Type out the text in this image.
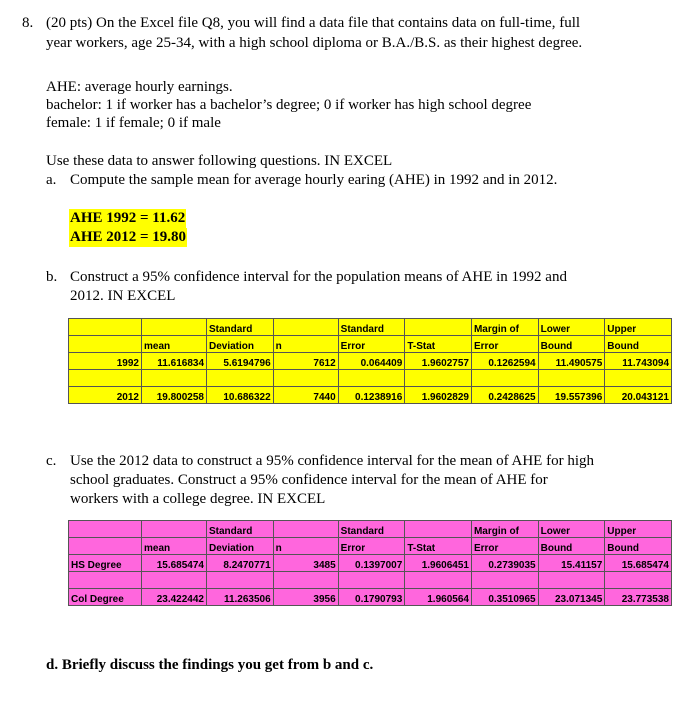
8. (20 pts) On the Excel file Q8, you will find a data file that contains data on full-time, full
year workers, age 25-34, with a high school diploma or B.A./B.S. as their highest degree.
AHE: average hourly earnings.
bachelor: 1 if worker has a bachelor’s degree; 0 if worker has high school degree
female: 1 if female; 0 if male
Use these data to answer following questions. IN EXCEL
a. Compute the sample mean for average hourly earing (AHE) in 1992 and in 2012.
AHE 1992 = 11.62
AHE 2012 = 19.80
b. Construct a 95% confidence interval for the population means of AHE in 1992 and
2012. IN EXCEL
		Standard		Standard		Margin of	Lower	Upper
	mean	Deviation	n	Error	T-Stat	Error	Bound	Bound
1992	11.616834	5.6194796	7612	0.064409	1.9602757	0.1262594	11.490575	11.743094

2012	19.800258	10.686322	7440	0.1238916	1.9602829	0.2428625	19.557396	20.043121
c. Use the 2012 data to construct a 95% confidence interval for the mean of AHE for high
school graduates. Construct a 95% confidence interval for the mean of AHE for
workers with a college degree. IN EXCEL
		Standard		Standard		Margin of	Lower	Upper
	mean	Deviation	n	Error	T-Stat	Error	Bound	Bound
HS Degree	15.685474	8.2470771	3485	0.1397007	1.9606451	0.2739035	15.41157	15.685474

Col Degree	23.422442	11.263506	3956	0.1790793	1.960564	0.3510965	23.071345	23.773538
d. Briefly discuss the findings you get from b and c.
